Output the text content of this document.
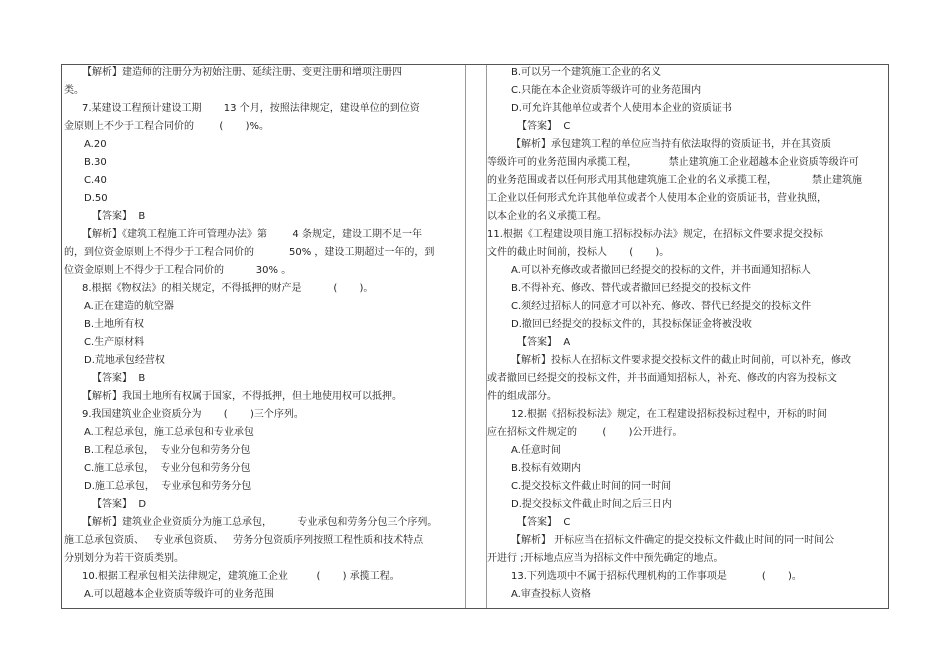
【解析】建造师的注册分为初始注册、延续注册、变更注册和增项注册四
类。
7.某建设工程预计建设工期       13 个月，按照法律规定，建设单位的到位资
金原则上不少于工程合同价的        (       )%。
A.20
B.30
C.40
D.50
【答案】  B
【解析】《建筑工程施工许可管理办法》第        4 条规定，建设工期不足一年
的，到位资金原则上不得少于工程合同价的           50% ，建设工期超过一年的，到
位资金原则上不得少于工程合同价的          30% 。
8.根据《物权法》的相关规定，不得抵押的财产是          (       )。
A.正在建造的航空器
B.土地所有权
C.生产原材料
D.荒地承包经营权
【答案】  B
【解析】我国土地所有权属于国家，不得抵押，但土地使用权可以抵押。
9.我国建筑业企业资质分为       (       )三个序列。
A.工程总承包，施工总承包和专业承包
B.工程总承包，  专业分包和劳务分包
C.施工总承包，  专业分包和劳务分包
D.施工总承包，  专业承包和劳务分包
【答案】  D
【解析】建筑业企业资质分为施工总承包，        专业承包和劳务分包三个序列。
施工总承包资质、   专业承包资质、   劳务分包资质序列按照工程性质和技术特点
分别划分为若干资质类别。
10.根据工程承包相关法律规定，建筑施工企业         (       ) 承揽工程。
A.可以超越本企业资质等级许可的业务范围
B.可以另一个建筑施工企业的名义
C.只能在本企业资质等级许可的业务范围内
D.可允许其他单位或者个人使用本企业的资质证书
【答案】  C
【解析】承包建筑工程的单位应当持有依法取得的资质证书，并在其资质
等级许可的业务范围内承揽工程，          禁止建筑施工企业超越本企业资质等级许可
的业务范围或者以任何形式用其他建筑施工企业的名义承揽工程，           禁止建筑施
工企业以任何形式允许其他单位或者个人使用本企业的资质证书，营业执照，
以本企业的名义承揽工程。
11.根据《工程建设项目施工招标投标办法》规定，在招标文件要求提交投标
文件的截止时间前，投标人       (       )。
A.可以补充修改或者撤回已经提交的投标的文件，并书面通知招标人
B.不得补充、修改、替代或者撤回已经提交的投标文件
C.须经过招标人的同意才可以补充、修改、替代已经提交的投标文件
D.撤回已经提交的投标文件的，其投标保证金将被没收
【答案】  A
【解析】投标人在招标文件要求提交投标文件的截止时间前，可以补充，修改
或者撤回已经提交的投标文件，并书面通知招标人，补充、修改的内容为投标文
件的组成部分。
12.根据《招标投标法》规定，在工程建设招标投标过程中，开标的时间
应在招标文件规定的        (       )公开进行。
A.任意时间
B.投标有效期内
C.提交投标文件截止时间的同一时间
D.提交投标文件截止时间之后三日内
【答案】  C
【解析】 开标应当在招标文件确定的提交投标文件截止时间的同一时间公
开进行 ;开标地点应当为招标文件中预先确定的地点。
13.下列选项中不属于招标代理机构的工作事项是           (       )。
A.审查投标人资格
